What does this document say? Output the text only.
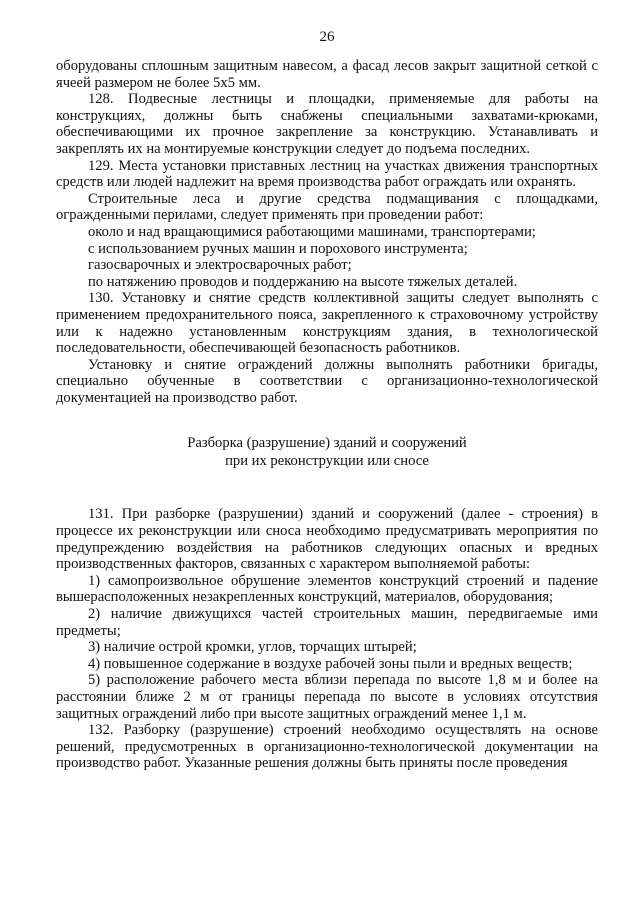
26

оборудованы сплошным защитным навесом, а фасад лесов закрыт защитной сеткой с ячеей размером не более 5x5 мм.

128. Подвесные лестницы и площадки, применяемые для работы на конструкциях, должны быть снабжены специальными захватами-крюками, обеспечивающими их прочное закрепление за конструкцию. Устанавливать и закреплять их на монтируемые конструкции следует до подъема последних.

129. Места установки приставных лестниц на участках движения транспортных средств или людей надлежит на время производства работ ограждать или охранять.

Строительные леса и другие средства подмащивания с площадками, огражденными перилами, следует применять при проведении работ:

около и над вращающимися работающими машинами, транспортерами;

с использованием ручных машин и порохового инструмента;

газосварочных и электросварочных работ;

по натяжению проводов и поддержанию на высоте тяжелых деталей.

130. Установку и снятие средств коллективной защиты следует выполнять с применением предохранительного пояса, закрепленного к страховочному устройству или к надежно установленным конструкциям здания, в технологической последовательности, обеспечивающей безопасность работников.

Установку и снятие ограждений должны выполнять работники бригады, специально обученные в соответствии с организационно-технологической документацией на производство работ.

Разборка (разрушение) зданий и сооружений
при их реконструкции или сносе

131. При разборке (разрушении) зданий и сооружений (далее - строения) в процессе их реконструкции или сноса необходимо предусматривать мероприятия по предупреждению воздействия на работников следующих опасных и вредных производственных факторов, связанных с характером выполняемой работы:

1) самопроизвольное обрушение элементов конструкций строений и падение вышерасположенных незакрепленных конструкций, материалов, оборудования;

2) наличие движущихся частей строительных машин, передвигаемые ими предметы;

3) наличие острой кромки, углов, торчащих штырей;

4) повышенное содержание в воздухе рабочей зоны пыли и вредных веществ;

5) расположение рабочего места вблизи перепада по высоте 1,8 м и более на расстоянии ближе 2 м от границы перепада по высоте в условиях отсутствия защитных ограждений либо при высоте защитных ограждений менее 1,1 м.

132. Разборку (разрушение) строений необходимо осуществлять на основе решений, предусмотренных в организационно-технологической документации на производство работ. Указанные решения должны быть приняты после проведения
